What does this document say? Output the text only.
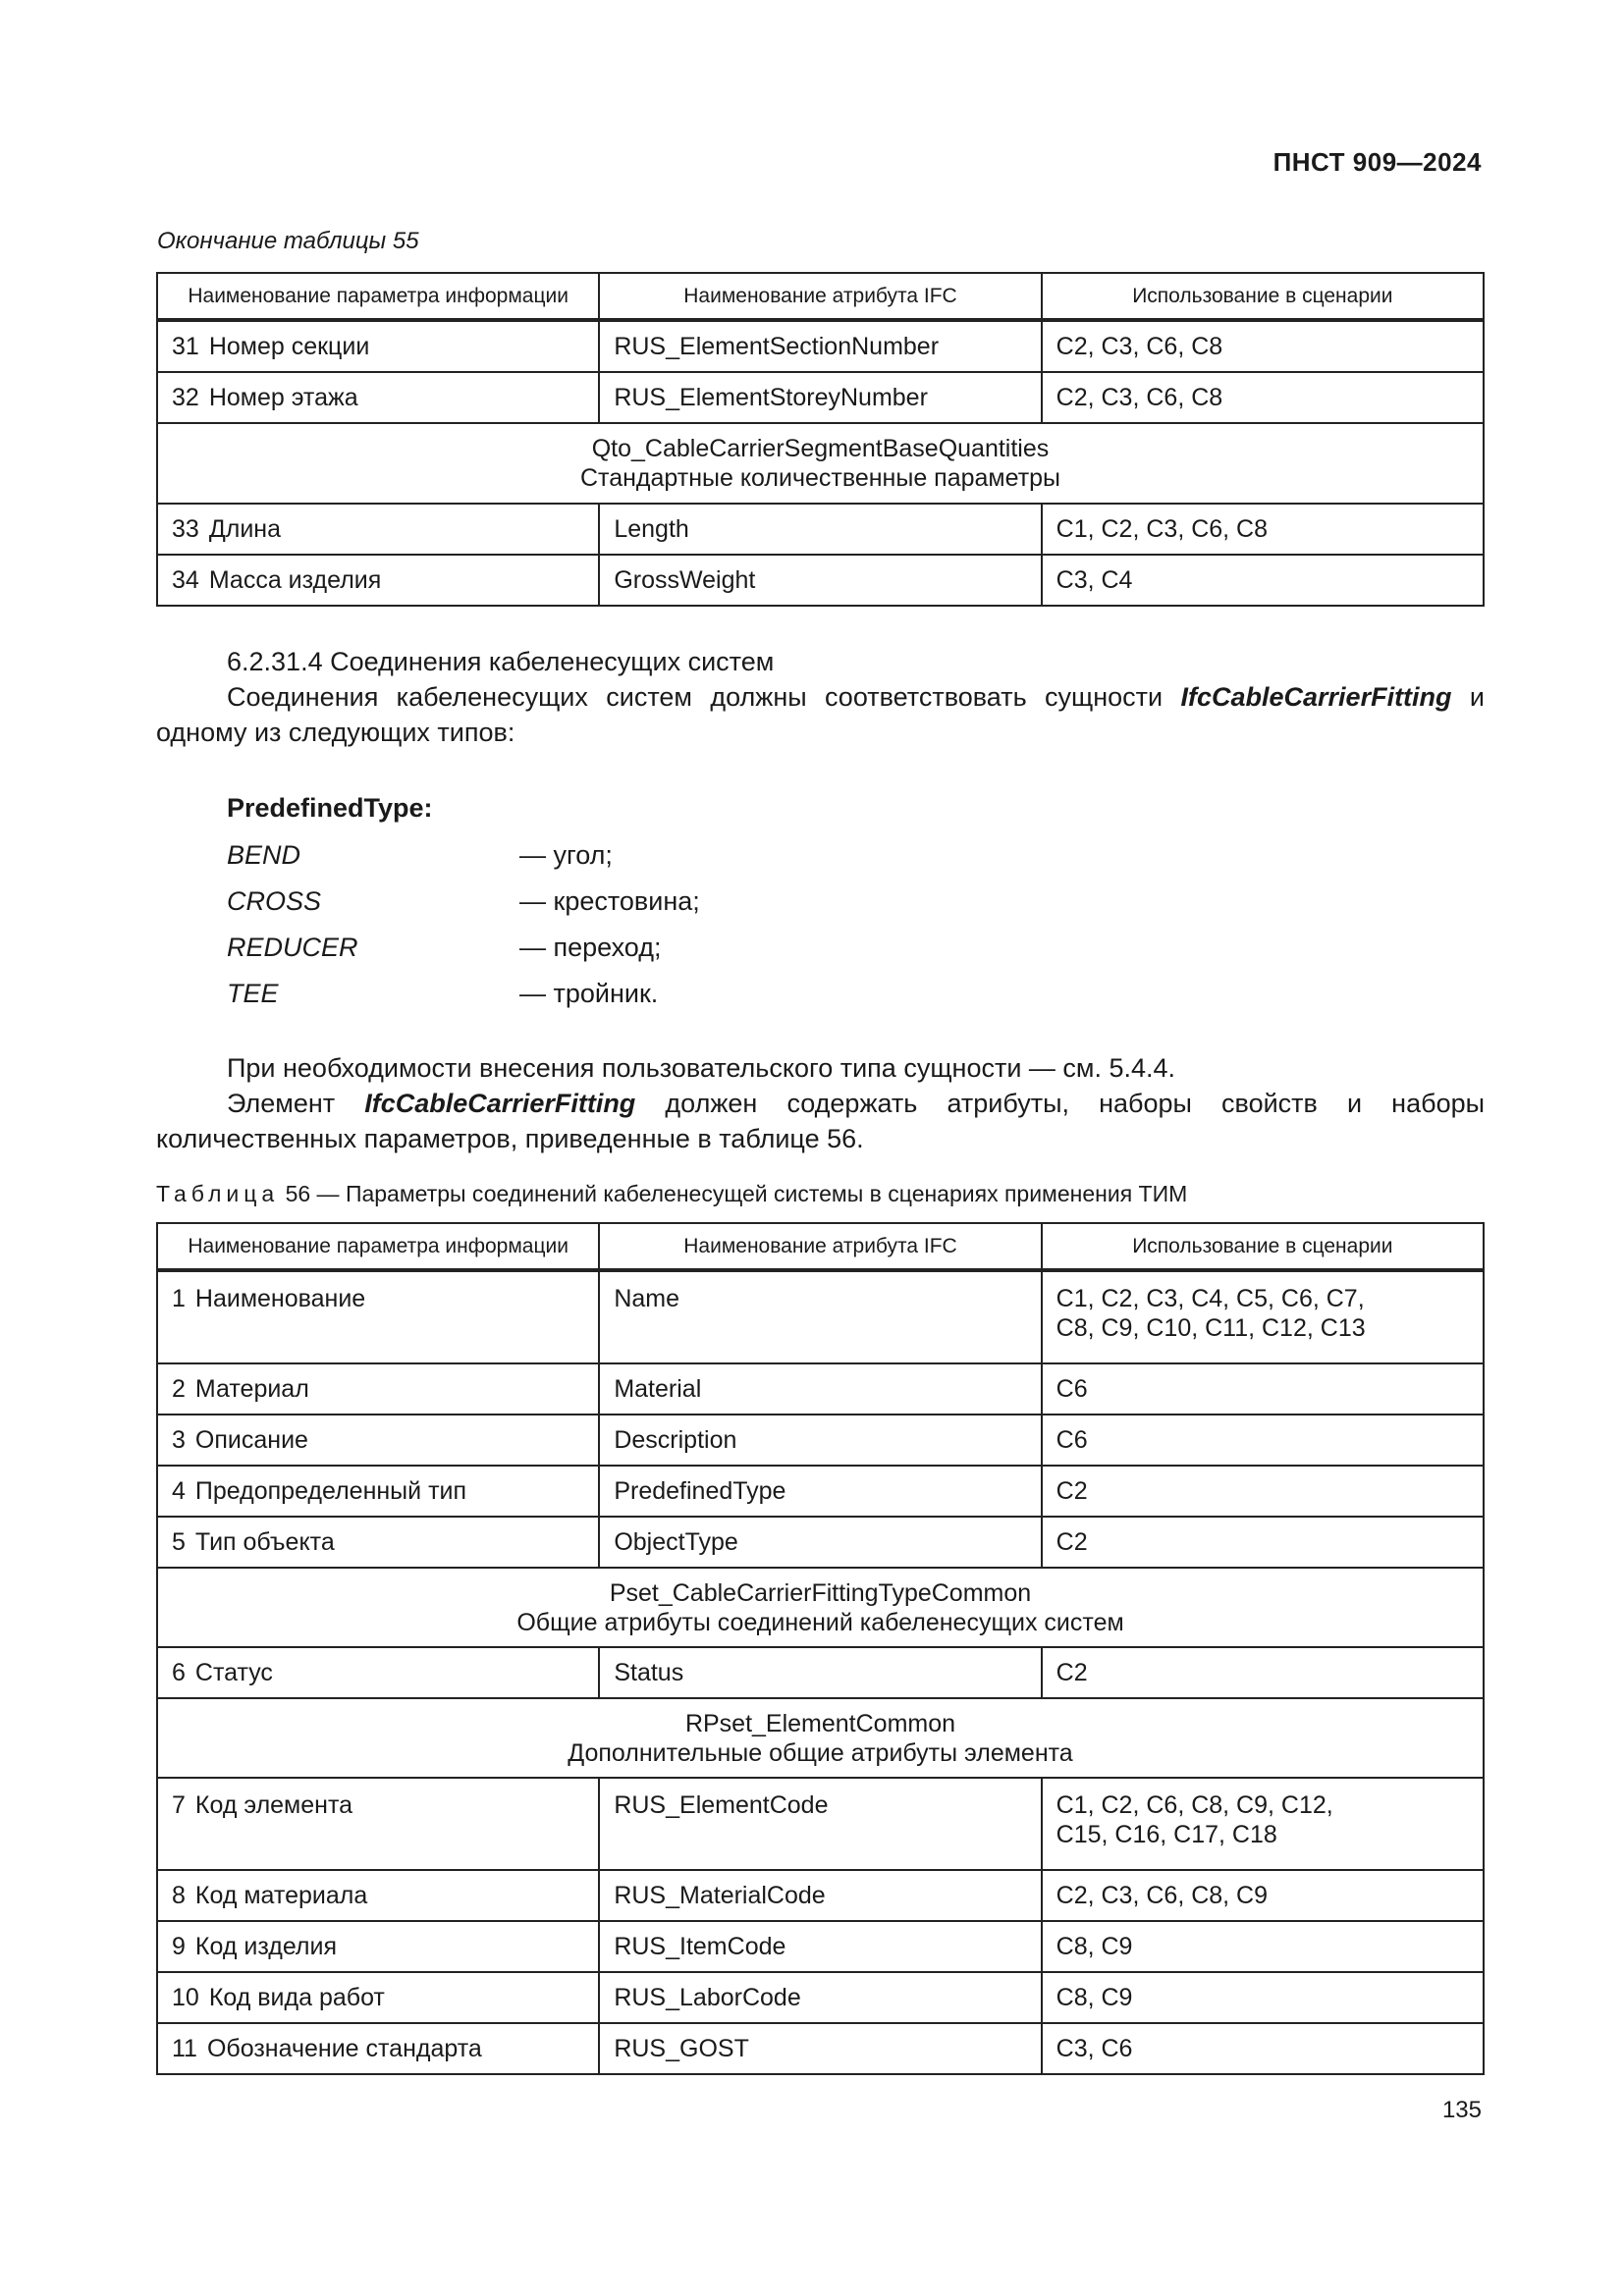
ПНСТ 909—2024
Окончание таблицы 55
Наименование параметра информации	Наименование атрибута IFC	Использование в сценарии
31 Номер секции	RUS_ElementSectionNumber	C2, C3, C6, C8
32 Номер этажа	RUS_ElementStoreyNumber	C2, C3, C6, C8

Qto_CableCarrierSegmentBaseQuantities
Стандартные количественные параметры		

33 Длина	Length	C1, C2, C3, C6, C8
34 Масса изделия	GrossWeight	C3, C4
6.2.31.4 Соединения кабеленесущих систем
Соединения кабеленесущих систем должны соответствовать сущности IfcCableCarrierFitting и одному из следующих типов:
PredefinedType:
BEND	— угол;
CROSS	— крестовина;
REDUCER	— переход;
TEE	— тройник.
При необходимости внесения пользовательского типа сущности — см. 5.4.4.
Элемент IfcCableCarrierFitting должен содержать атрибуты, наборы свойств и наборы количественных параметров, приведенные в таблице 56.
Таблица 56 — Параметры соединений кабеленесущей системы в сценариях применения ТИМ
Наименование параметра информации	Наименование атрибута IFC	Использование в сценарии
1 Наименование	Name	C1, C2, C3, C4, C5, C6, C7,
C8, C9, C10, C11, C12, C13

2 Материал	Material	C6
3 Описание	Description	C6
4 Предопределенный тип	PredefinedType	C2
5 Тип объекта	ObjectType	C2

Pset_CableCarrierFittingTypeCommon
Общие атрибуты соединений кабеленесущих систем		

6 Статус	Status	C2

RPset_ElementCommon
Дополнительные общие атрибуты элемента		

7 Код элемента	RUS_ElementCode	C1, C2, C6, C8, C9, C12,
C15, C16, C17, C18

8 Код материала	RUS_MaterialCode	C2, C3, C6, C8, C9
9 Код изделия	RUS_ItemCode	C8, C9
10 Код вида работ	RUS_LaborCode	C8, C9
11 Обозначение стандарта	RUS_GOST	C3, C6
135
